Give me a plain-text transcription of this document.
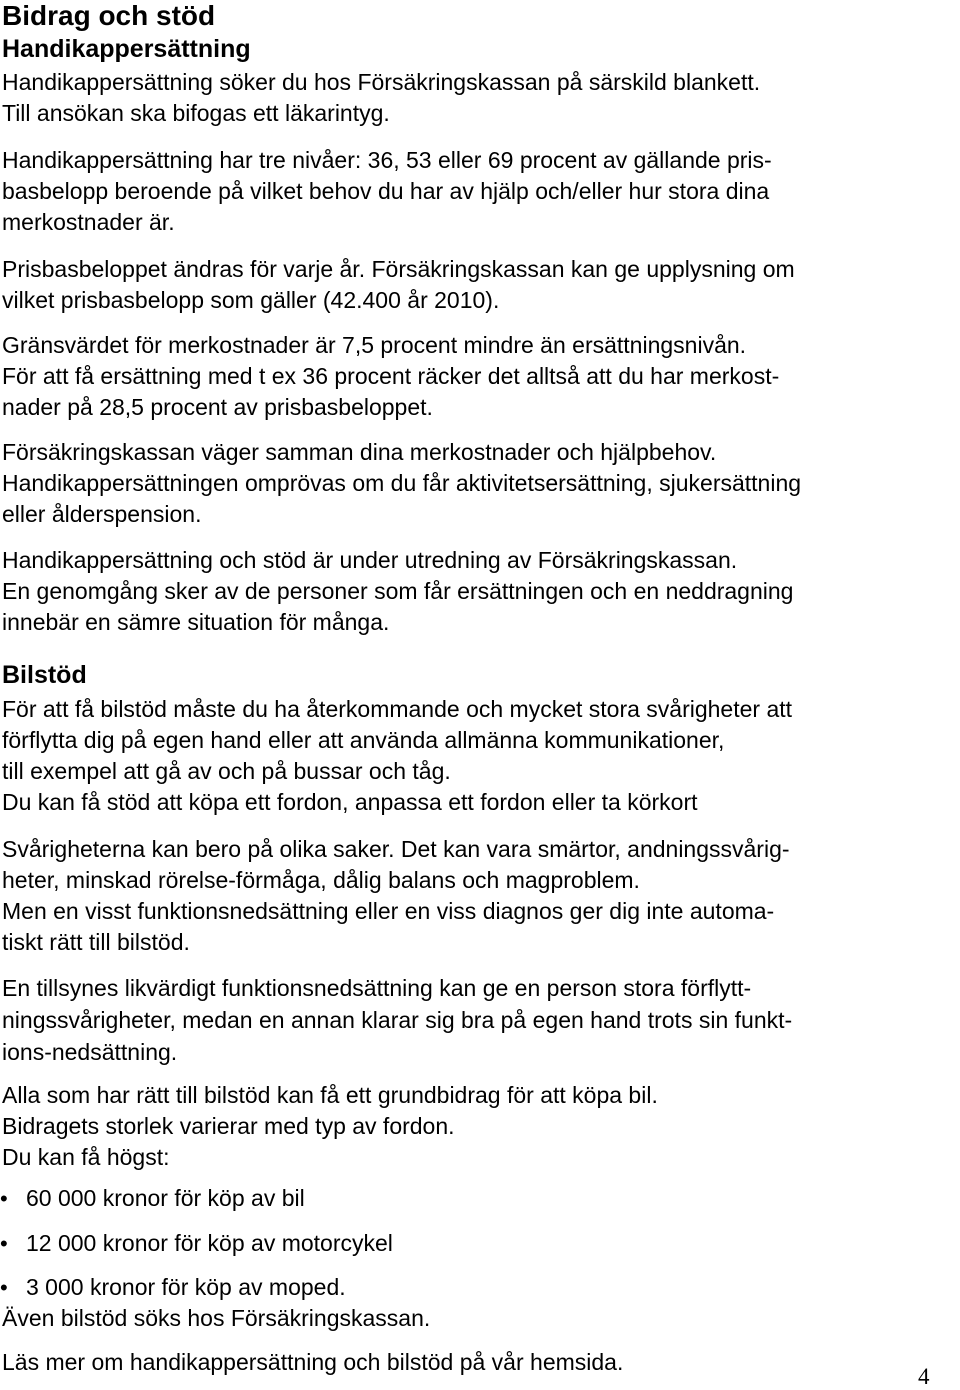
Bidrag och stöd
Handikappersättning
Handikappersättning söker du hos Försäkringskassan på särskild blankett.
Till ansökan ska bifogas ett läkarintyg.
Handikappersättning har tre nivåer: 36, 53 eller 69 procent av gällande pris-
basbelopp beroende på vilket behov du har av hjälp och/eller hur stora dina
merkostnader är.
Prisbasbeloppet ändras för varje år. Försäkringskassan kan ge upplysning om
vilket prisbasbelopp som gäller (42.400 år 2010).
Gränsvärdet för merkostnader är 7,5 procent mindre än ersättningsnivån.
För att få ersättning med t ex 36 procent räcker det alltså att du har merkost-
nader på 28,5 procent av prisbasbeloppet.
Försäkringskassan väger samman dina merkostnader och hjälpbehov.
Handikappersättningen omprövas om du får aktivitetsersättning, sjukersättning
eller ålderspension.
Handikappersättning och stöd är under utredning av Försäkringskassan.
En genomgång sker av de personer som får ersättningen och en neddragning
innebär en sämre situation för många.
Bilstöd
För att få bilstöd måste du ha återkommande och mycket stora svårigheter att
förflytta dig på egen hand eller att använda allmänna kommunikationer,
till exempel att gå av och på bussar och tåg.
Du kan få stöd att köpa ett fordon, anpassa ett fordon eller ta körkort
Svårigheterna kan bero på olika saker. Det kan vara smärtor, andningssvårig-
heter, minskad rörelse-förmåga, dålig balans och magproblem.
Men en visst funktionsnedsättning eller en viss diagnos ger dig inte automa-
tiskt rätt till bilstöd.
En tillsynes likvärdigt funktionsnedsättning kan ge en person stora förflytt-
ningssvårigheter, medan en annan klarar sig bra på egen hand trots sin funkt-
ions-nedsättning.
Alla som har rätt till bilstöd kan få ett grundbidrag för att köpa bil.
Bidragets storlek varierar med typ av fordon.
Du kan få högst:
• 60 000 kronor för köp av bil
• 12 000 kronor för köp av motorcykel
• 3 000 kronor för köp av moped.
Även bilstöd söks hos Försäkringskassan.
Läs mer om handikappersättning och bilstöd på vår hemsida.
4
